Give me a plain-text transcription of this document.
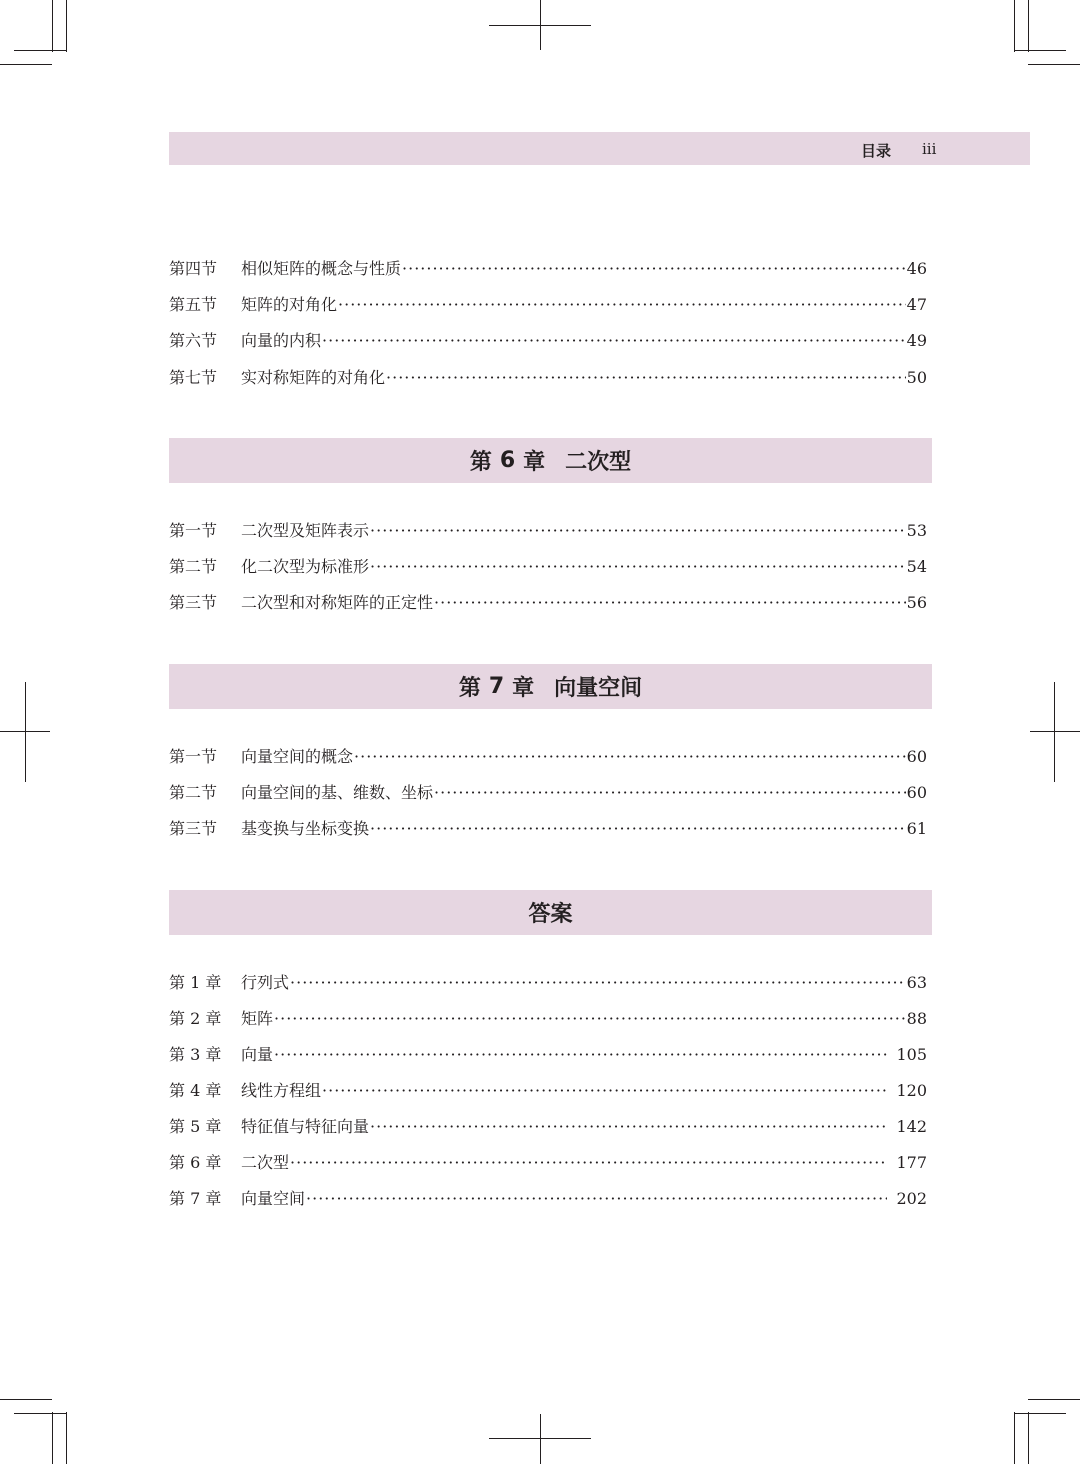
目录 iii
第四节	相似矩阵的概念与性质 ·····	46
第五节	矩阵的对角化 ·····	47
第六节	向量的内积 ·····	49
第七节	实对称矩阵的对角化 ·····	50
第 6 章 二次型
第一节	二次型及矩阵表示 ·····	53
第二节	化二次型为标准形 ·····	54
第三节	二次型和对称矩阵的正定性 ·····	56
第 7 章 向量空间
第一节	向量空间的概念 ·····	60
第二节	向量空间的基、维数、坐标 ·····	60
第三节	基变换与坐标变换 ·····	61
答案
第 1 章	行列式 ·····	63
第 2 章	矩阵 ·····	88
第 3 章	向量 ·····	105
第 4 章	线性方程组 ·····	120
第 5 章	特征值与特征向量 ·····	142
第 6 章	二次型 ·····	177
第 7 章	向量空间 ·····	202
